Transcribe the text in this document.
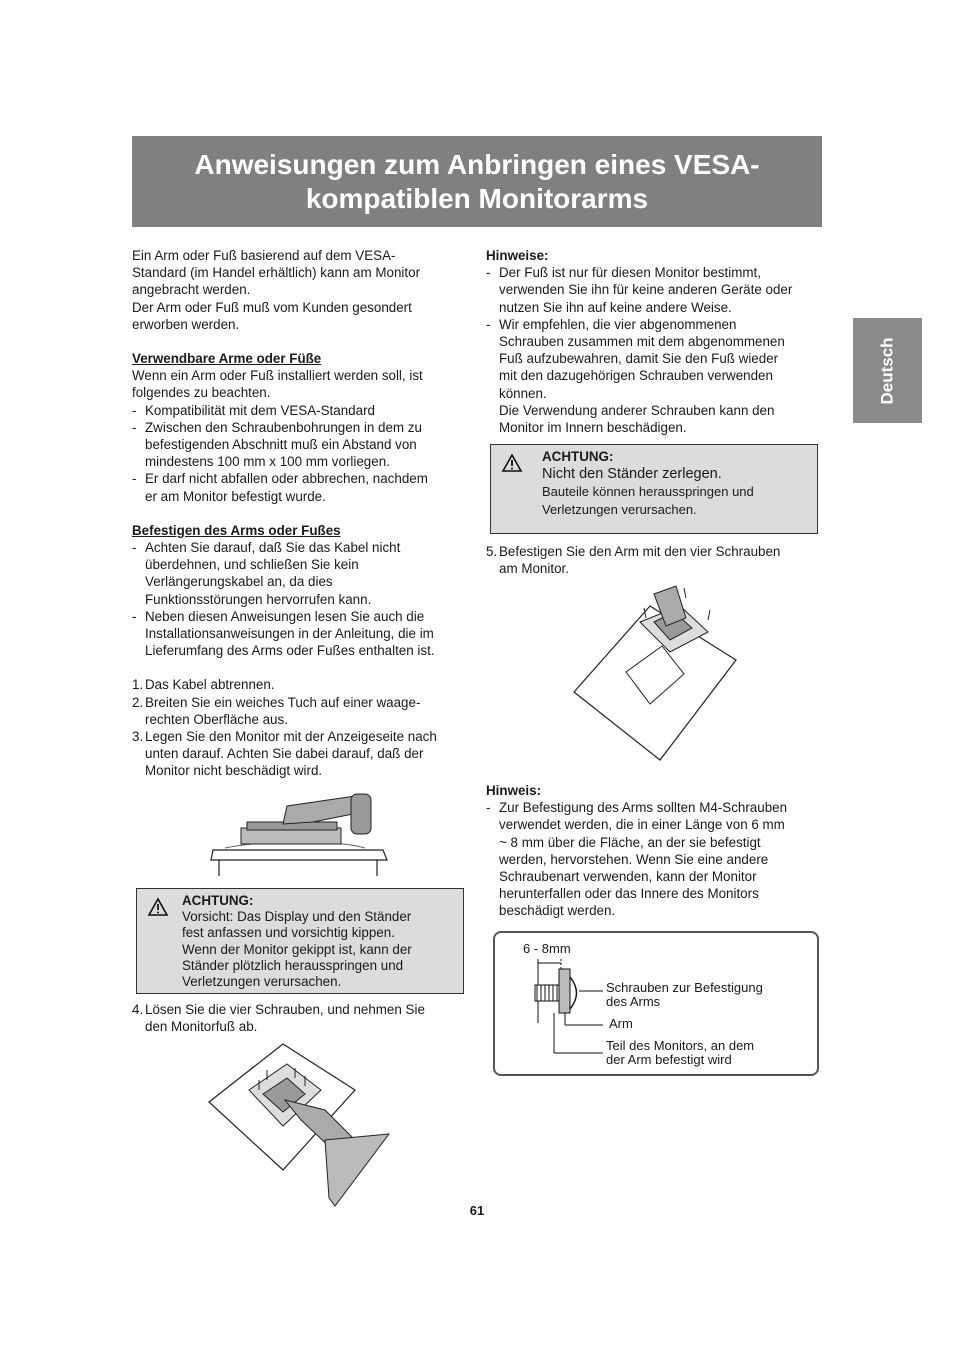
Anweisungen zum Anbringen eines VESA-
kompatiblen Monitorarms
Deutsch

Ein Arm oder Fuß basierend auf dem VESA-

Standard (im Handel erhältlich) kann am Monitor

angebracht werden.

Der Arm oder Fuß muß vom Kunden gesondert

erworben werden.

Verwendbare Arme oder Füße

Wenn ein Arm oder Fuß installiert werden soll, ist

folgendes zu beachten.

- Kompatibilität mit dem VESA-Standard
- Zwischen den Schraubenbohrungen in dem zu
befestigenden Abschnitt muß ein Abstand von
mindestens 100 mm x 100 mm vorliegen.
- Er darf nicht abfallen oder abbrechen, nachdem
er am Monitor befestigt wurde.

Befestigen des Arms oder Fußes

- Achten Sie darauf, daß Sie das Kabel nicht
überdehnen, und schließen Sie kein
Verlängerungskabel an, da dies
Funktionsstörungen hervorrufen kann.
- Neben diesen Anweisungen lesen Sie auch die
Installationsanweisungen in der Anleitung, die im
Lieferumfang des Arms oder Fußes enthalten ist.
1. Das Kabel abtrennen.
2. Breiten Sie ein weiches Tuch auf einer waage-
rechten Oberfläche aus.
3. Legen Sie den Monitor mit der Anzeigeseite nach
unten darauf. Achten Sie dabei darauf, daß der
Monitor nicht beschädigt wird.
ACHTUNG:
Vorsicht: Das Display und den Ständer
fest anfassen und vorsichtig kippen.
Wenn der Monitor gekippt ist, kann der
Ständer plötzlich herausspringen und
Verletzungen verursachen.
4. Lösen Sie die vier Schrauben, und nehmen Sie
den Monitorfuß ab.

Hinweise:

- Der Fuß ist nur für diesen Monitor bestimmt,
verwenden Sie ihn für keine anderen Geräte oder
nutzen Sie ihn auf keine andere Weise.
- Wir empfehlen, die vier abgenommenen
Schrauben zusammen mit dem abgenommenen
Fuß aufzubewahren, damit Sie den Fuß wieder
mit den dazugehörigen Schrauben verwenden
können.
Die Verwendung anderer Schrauben kann den
Monitor im Innern beschädigen.
ACHTUNG:
Nicht den Ständer zerlegen.
Bauteile können herausspringen und
Verletzungen verursachen.
5. Befestigen Sie den Arm mit den vier Schrauben
am Monitor.

Hinweis:

- Zur Befestigung des Arms sollten M4-Schrauben
verwendet werden, die in einer Länge von 6 mm
~ 8 mm über die Fläche, an der sie befestigt
werden, hervorstehen. Wenn Sie eine andere
Schraubenart verwenden, kann der Monitor
herunterfallen oder das Innere des Monitors
beschädigt werden.
6 - 8mm
Schrauben zur Befestigung
des Arms
Arm
Teil des Monitors, an dem
der Arm befestigt wird
61
